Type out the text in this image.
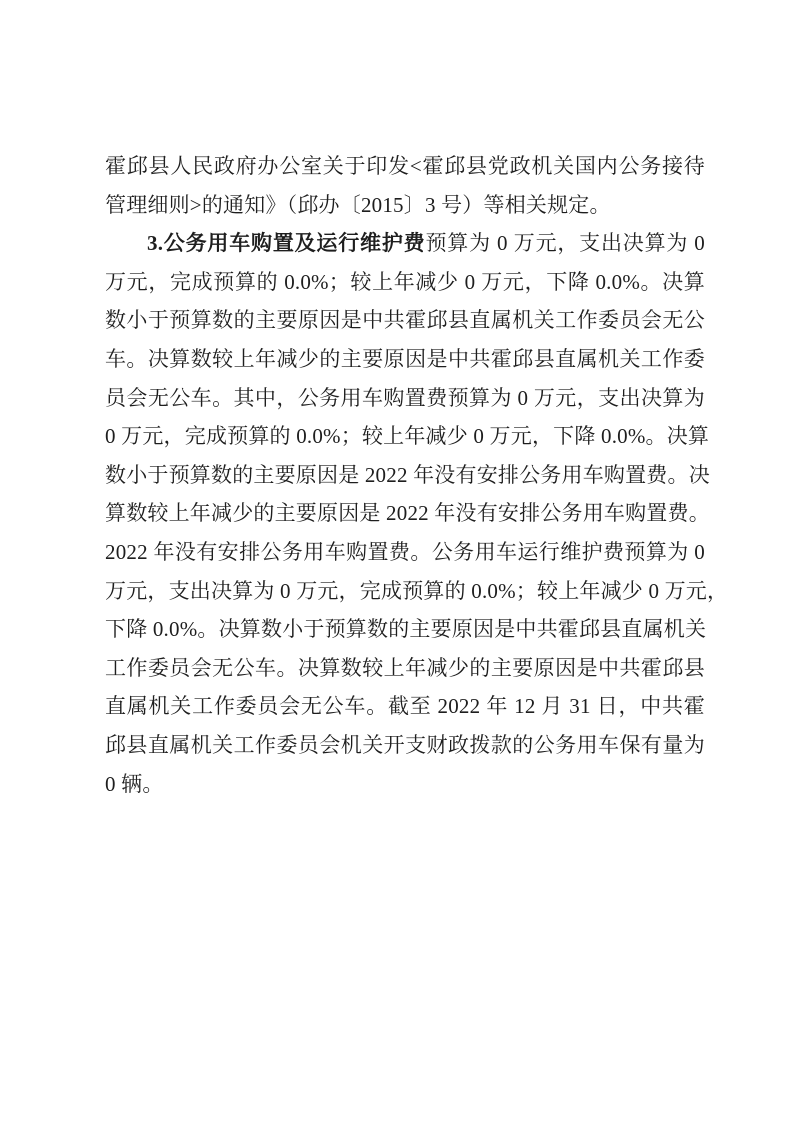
霍邱县人民政府办公室关于印发<霍邱县党政机关国内公务接待
管理细则>的通知》（邱办〔2015〕3 号）等相关规定。
3.公务用车购置及运行维护费预算为 0 万元，支出决算为 0
万元，完成预算的 0.0%；较上年减少 0 万元，下降 0.0%。决算
数小于预算数的主要原因是中共霍邱县直属机关工作委员会无公
车。决算数较上年减少的主要原因是中共霍邱县直属机关工作委
员会无公车。其中，公务用车购置费预算为 0 万元，支出决算为
0 万元，完成预算的 0.0%；较上年减少 0 万元，下降 0.0%。决算
数小于预算数的主要原因是 2022 年没有安排公务用车购置费。决
算数较上年减少的主要原因是 2022 年没有安排公务用车购置费。
2022 年没有安排公务用车购置费。公务用车运行维护费预算为 0
万元，支出决算为 0 万元，完成预算的 0.0%；较上年减少 0 万元，
下降 0.0%。决算数小于预算数的主要原因是中共霍邱县直属机关
工作委员会无公车。决算数较上年减少的主要原因是中共霍邱县
直属机关工作委员会无公车。截至 2022 年 12 月 31 日，中共霍
邱县直属机关工作委员会机关开支财政拨款的公务用车保有量为
0 辆。
